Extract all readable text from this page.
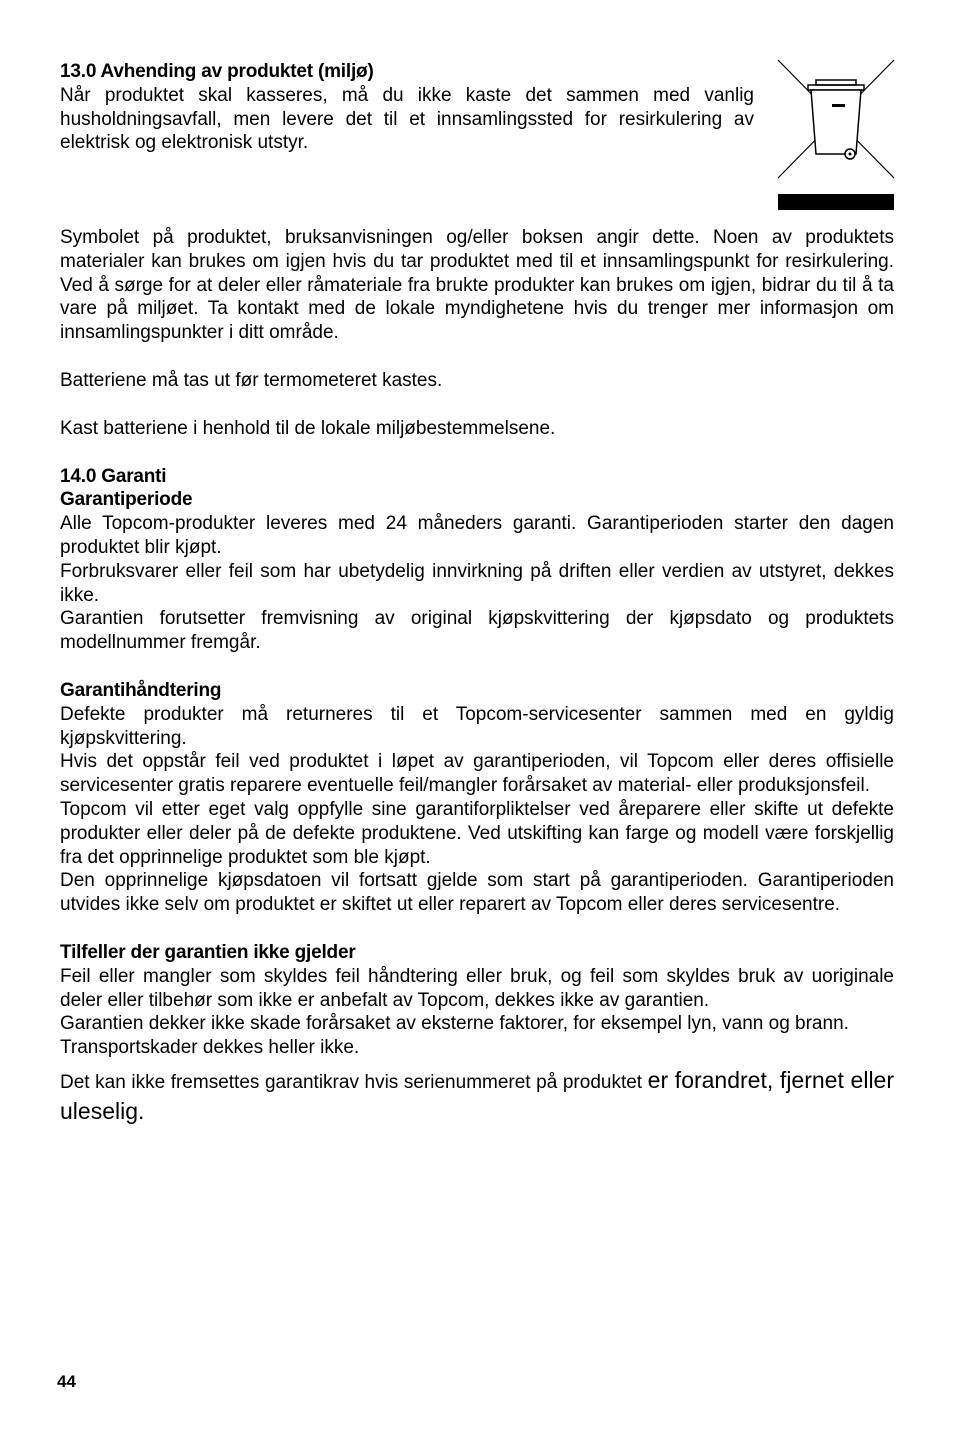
13.0 Avhending av produktet (miljø)

Når produktet skal kasseres, må du ikke kaste det sammen med vanlig husholdningsavfall, men levere det til et innsamlingssted for resirkulering av elektrisk og elektronisk utstyr.

Symbolet på produktet, bruksanvisningen og/eller boksen angir dette. Noen av produktets materialer kan brukes om igjen hvis du tar produktet med til et innsamlingspunkt for resirkulering. Ved å sørge for at deler eller råmateriale fra brukte produkter kan brukes om igjen, bidrar du til å ta vare på miljøet. Ta kontakt med de lokale myndighetene hvis du trenger mer informasjon om innsamlingspunkter i ditt område.

Batteriene må tas ut før termometeret kastes.

Kast batteriene i henhold til de lokale miljøbestemmelsene.

14.0 Garanti

Garantiperiode

Alle Topcom-produkter leveres med 24 måneders garanti. Garantiperioden starter den dagen produktet blir kjøpt.

Forbruksvarer eller feil som har ubetydelig innvirkning på driften eller verdien av utstyret, dekkes ikke.

Garantien forutsetter fremvisning av original kjøpskvittering der kjøpsdato og produktets modellnummer fremgår.

Garantihåndtering

Defekte produkter må returneres til et Topcom-servicesenter sammen med en gyldig kjøpskvittering.

Hvis det oppstår feil ved produktet i løpet av garantiperioden, vil Topcom eller deres offisielle servicesenter gratis reparere eventuelle feil/mangler forårsaket av material- eller produksjonsfeil.

Topcom vil etter eget valg oppfylle sine garantiforpliktelser ved åreparere eller skifte ut defekte produkter eller deler på de defekte produktene. Ved utskifting kan farge og modell være forskjellig fra det opprinnelige produktet som ble kjøpt.

Den opprinnelige kjøpsdatoen vil fortsatt gjelde som start på garantiperioden. Garantiperioden utvides ikke selv om produktet er skiftet ut eller reparert av Topcom eller deres servicesentre.

Tilfeller der garantien ikke gjelder

Feil eller mangler som skyldes feil håndtering eller bruk, og feil som skyldes bruk av uoriginale deler eller tilbehør som ikke er anbefalt av Topcom, dekkes ikke av garantien.

Garantien dekker ikke skade forårsaket av eksterne faktorer, for eksempel lyn, vann og brann.

Transportskader dekkes heller ikke.

Det kan ikke fremsettes garantikrav hvis serienummeret på produktet er forandret, fjernet eller uleselig.

44
